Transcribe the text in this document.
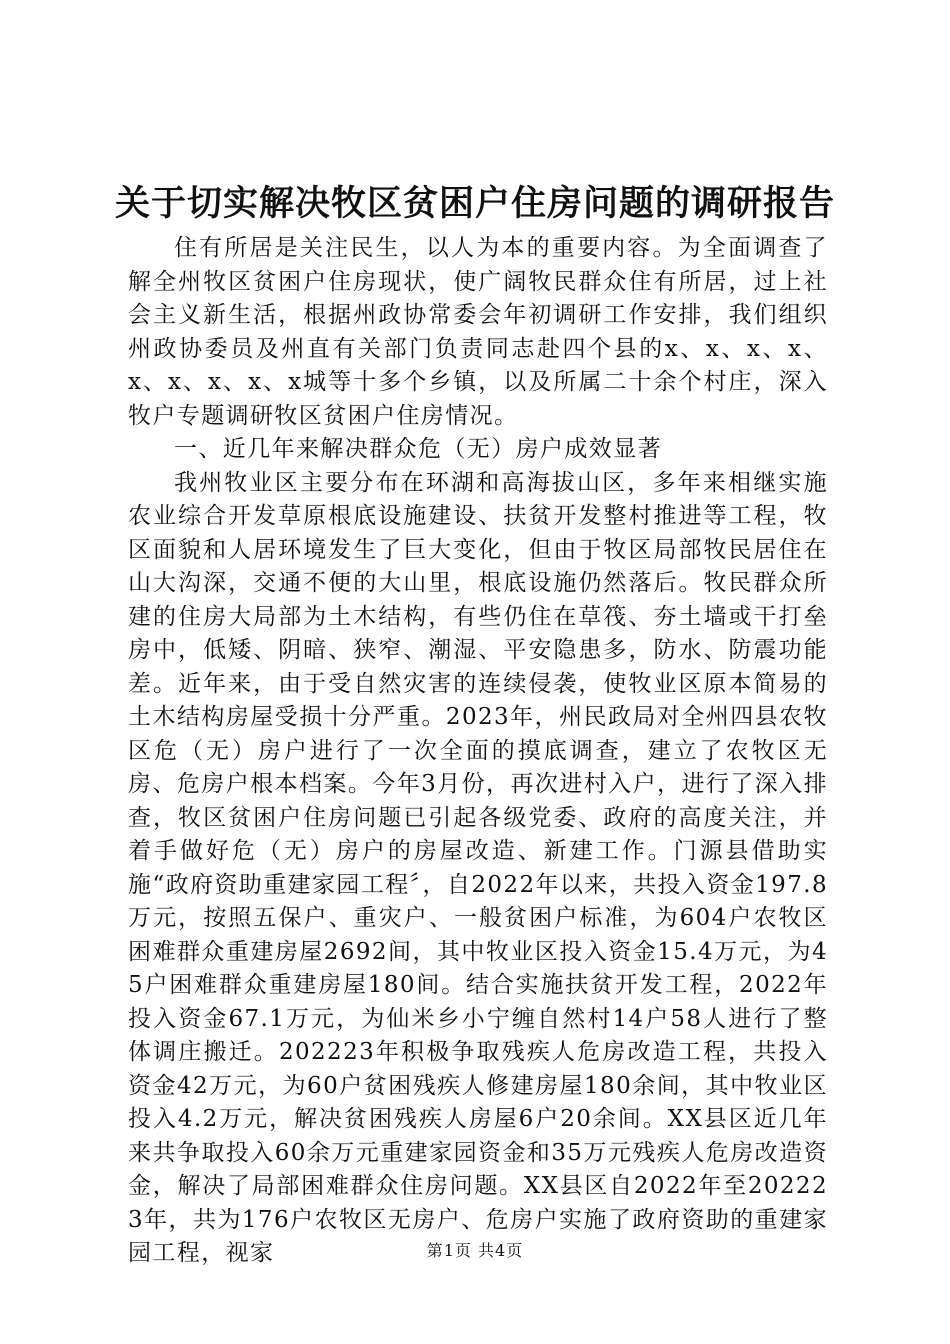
关于切实解决牧区贫困户住房问题的调研报告

住有所居是关注民生，以人为本的重要内容。为全面调查了解全州牧区贫困户住房现状，使广阔牧民群众住有所居，过上社会主义新生活，根据州政协常委会年初调研工作安排，我们组织州政协委员及州直有关部门负责同志赴四个县的x、x、x、x、x、x、x、x、x城等十多个乡镇，以及所属二十余个村庄，深入牧户专题调研牧区贫困户住房情况。

一、近几年来解决群众危（无）房户成效显著

我州牧业区主要分布在环湖和高海拔山区，多年来相继实施农业综合开发草原根底设施建设、扶贫开发整村推进等工程，牧区面貌和人居环境发生了巨大变化，但由于牧区局部牧民居住在山大沟深，交通不便的大山里，根底设施仍然落后。牧民群众所建的住房大局部为土木结构，有些仍住在草筏、夯土墙或干打垒房中，低矮、阴暗、狭窄、潮湿、平安隐患多，防水、防震功能差。近年来，由于受自然灾害的连续侵袭，使牧业区原本简易的土木结构房屋受损十分严重。2023年，州民政局对全州四县农牧区危（无）房户进行了一次全面的摸底调查，建立了农牧区无房、危房户根本档案。今年3月份，再次进村入户，进行了深入排查，牧区贫困户住房问题已引起各级党委、政府的高度关注，并着手做好危（无）房户的房屋改造、新建工作。门源县借助实施“政府资助重建家园工程〞，自2022年以来，共投入资金197.8万元，按照五保户、重灾户、一般贫困户标准，为604户农牧区困难群众重建房屋2692间，其中牧业区投入资金15.4万元，为45户困难群众重建房屋180间。结合实施扶贫开发工程，2022年投入资金67.1万元，为仙米乡小宁缠自然村14户58人进行了整体调庄搬迁。202223年积极争取残疾人危房改造工程，共投入资金42万元，为60户贫困残疾人修建房屋180余间，其中牧业区投入4.2万元，解决贫困残疾人房屋6户20余间。XX县区近几年来共争取投入60余万元重建家园资金和35万元残疾人危房改造资金，解决了局部困难群众住房问题。XX县区自2022年至202223年，共为176户农牧区无房户、危房户实施了政府资助的重建家园工程，视家	第1页 共4页
